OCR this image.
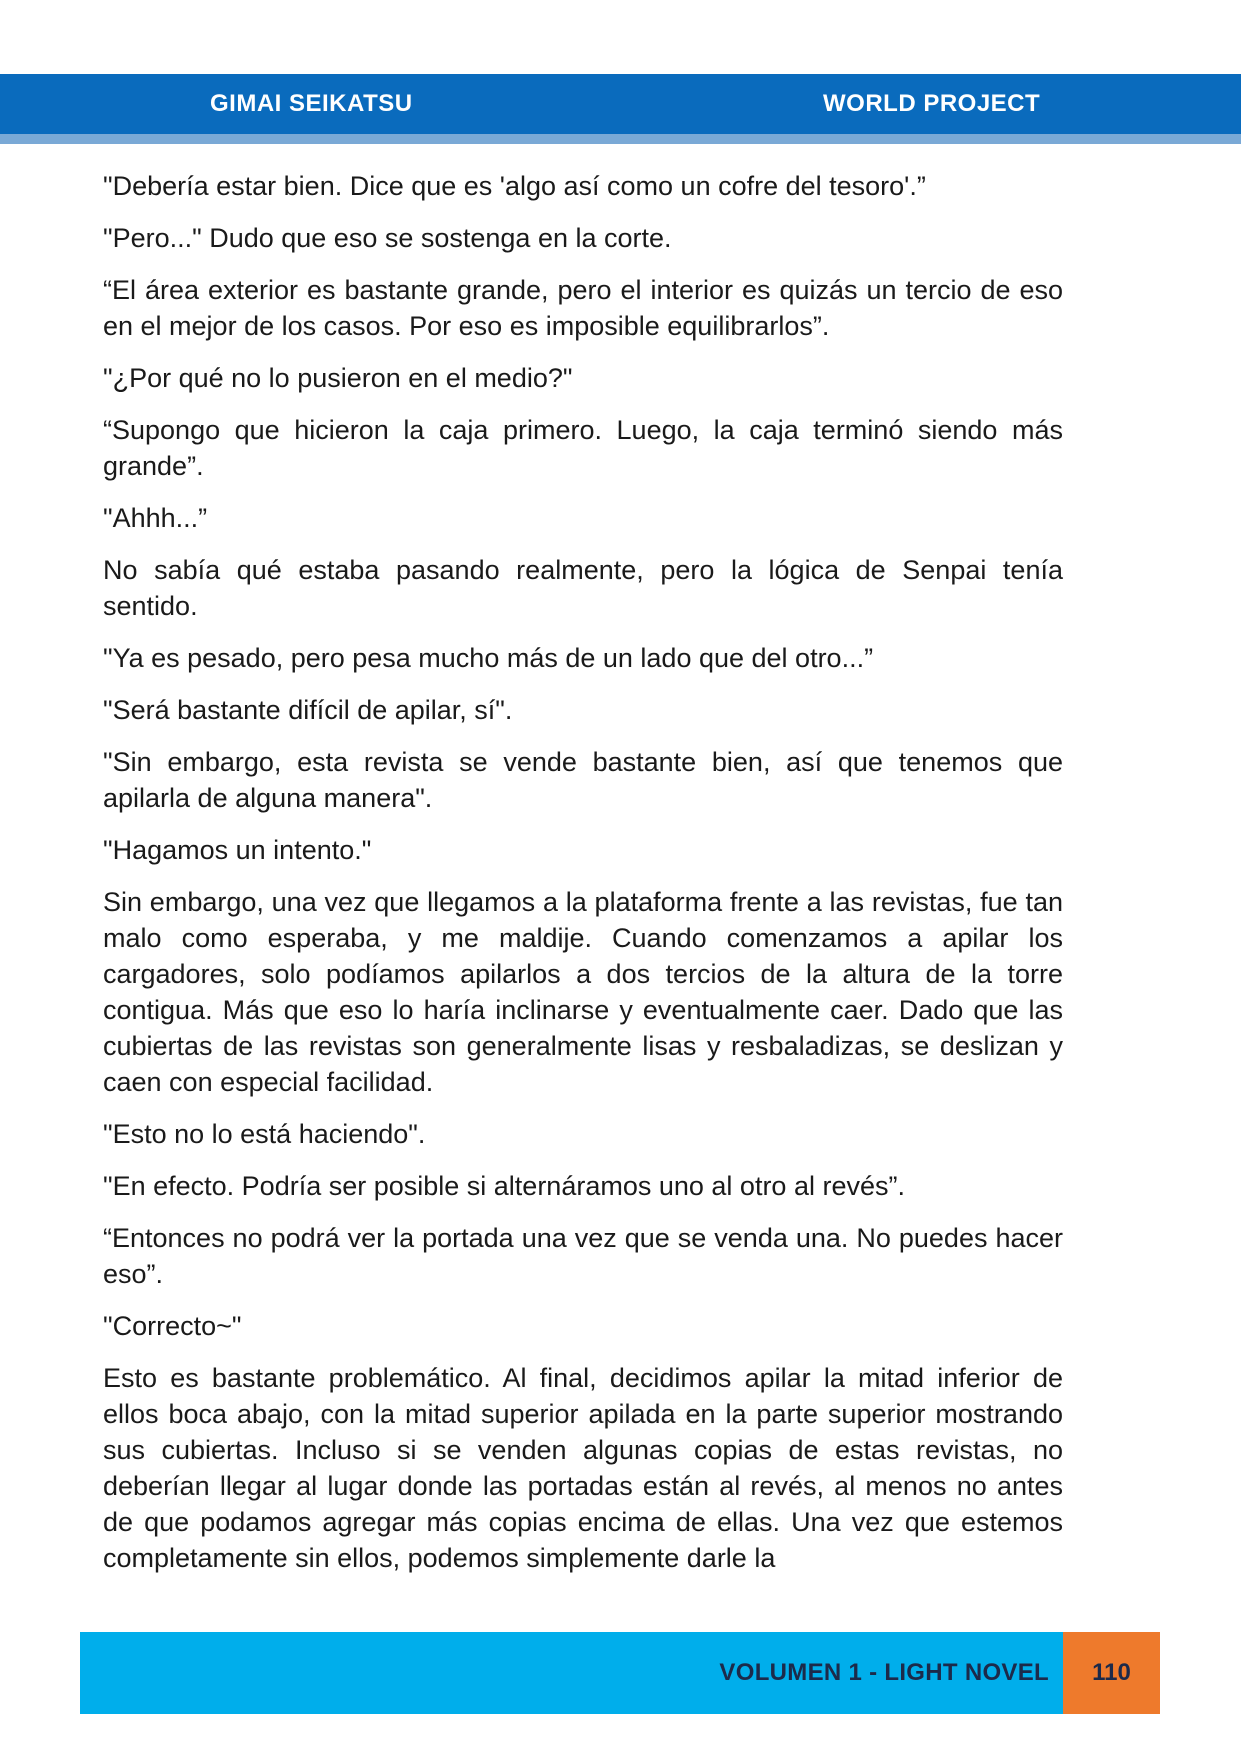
GIMAI SEIKATSU	WORLD PROJECT

"Debería estar bien. Dice que es 'algo así como un cofre del tesoro'.”

"Pero..." Dudo que eso se sostenga en la corte.

“El área exterior es bastante grande, pero el interior es quizás un tercio de eso en el mejor de los casos. Por eso es imposible equilibrarlos”.

"¿Por qué no lo pusieron en el medio?"

“Supongo que hicieron la caja primero. Luego, la caja terminó siendo más grande”.

"Ahhh...”

No sabía qué estaba pasando realmente, pero la lógica de Senpai tenía sentido.

"Ya es pesado, pero pesa mucho más de un lado que del otro...”

"Será bastante difícil de apilar, sí".

"Sin embargo, esta revista se vende bastante bien, así que tenemos que apilarla de alguna manera".

"Hagamos un intento."

Sin embargo, una vez que llegamos a la plataforma frente a las revistas, fue tan malo como esperaba, y me maldije. Cuando comenzamos a apilar los cargadores, solo podíamos apilarlos a dos tercios de la altura de la torre contigua. Más que eso lo haría inclinarse y eventualmente caer. Dado que las cubiertas de las revistas son generalmente lisas y resbaladizas, se deslizan y caen con especial facilidad.

"Esto no lo está haciendo".

"En efecto. Podría ser posible si alternáramos uno al otro al revés”.

“Entonces no podrá ver la portada una vez que se venda una. No puedes hacer eso”.

"Correcto~"

Esto es bastante problemático. Al final, decidimos apilar la mitad inferior de ellos boca abajo, con la mitad superior apilada en la parte superior mostrando sus cubiertas. Incluso si se venden algunas copias de estas revistas, no deberían llegar al lugar donde las portadas están al revés, al menos no antes de que podamos agregar más copias encima de ellas. Una vez que estemos completamente sin ellos, podemos simplemente darle la

VOLUMEN 1 - LIGHT NOVEL	110
